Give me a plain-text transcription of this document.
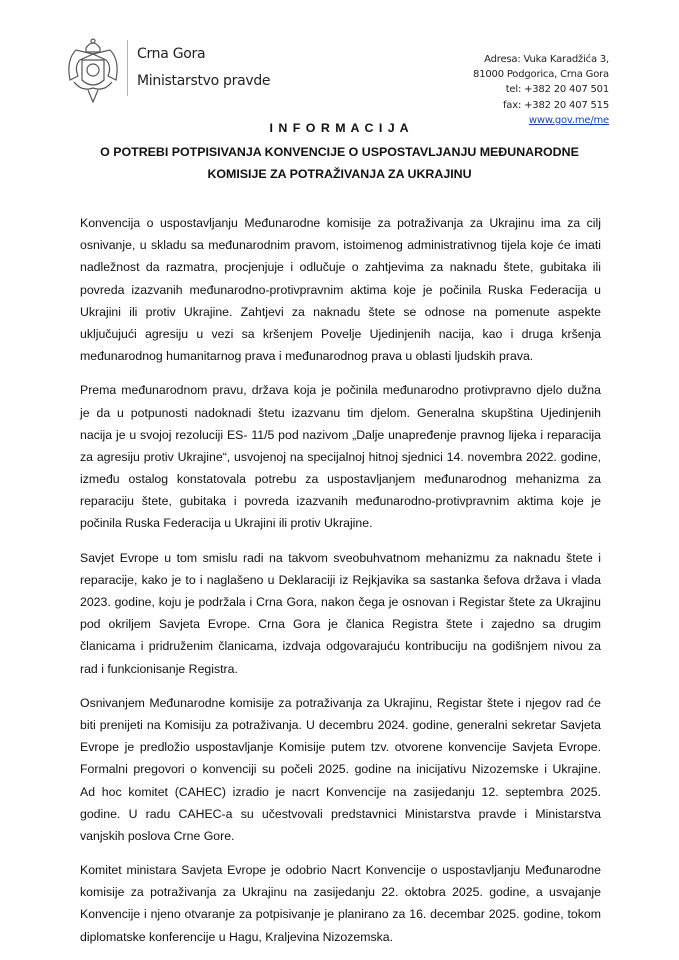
Crna Gora
Ministarstvo pravde
Adresa: Vuka Karadžića 3,
81000 Podgorica, Crna Gora
tel: +382 20 407 501
fax: +382 20 407 515
www.gov.me/me
I N F O R M A C I J A
O POTREBI POTPISIVANJA KONVENCIJE O USPOSTAVLJANJU MEĐUNARODNE
KOMISIJE ZA POTRAŽIVANJA ZA UKRAJINU
Konvencija o uspostavljanju Međunarodne komisije za potraživanja za Ukrajinu ima za cilj
osnivanje, u skladu sa međunarodnim pravom, istoimenog administrativnog tijela koje će imati
nadležnost da razmatra, procjenjuje i odlučuje o zahtjevima za naknadu štete, gubitaka ili
povreda izazvanih međunarodno-protivpravnim aktima koje je počinila Ruska Federacija u
Ukrajini ili protiv Ukrajine. Zahtjevi za naknadu štete se odnose na pomenute aspekte
uključujući agresiju u vezi sa kršenjem Povelje Ujedinjenih nacija, kao i druga kršenja
međunarodnog humanitarnog prava i međunarodnog prava u oblasti ljudskih prava.
Prema međunarodnom pravu, država koja je počinila međunarodno protivpravno djelo dužna
je da u potpunosti nadoknadi štetu izazvanu tim djelom. Generalna skupština Ujedinjenih
nacija je u svojoj rezoluciji ES- 11/5 pod nazivom „Dalje unapređenje pravnog lijeka i reparacija
za agresiju protiv Ukrajine“, usvojenoj na specijalnoj hitnoj sjednici 14. novembra 2022. godine,
između ostalog konstatovala potrebu za uspostavljanjem međunarodnog mehanizma za
reparaciju štete, gubitaka i povreda izazvanih međunarodno-protivpravnim aktima koje je
počinila Ruska Federacija u Ukrajini ili protiv Ukrajine.
Savjet Evrope u tom smislu radi na takvom sveobuhvatnom mehanizmu za naknadu štete i
reparacije, kako je to i naglašeno u Deklaraciji iz Rejkjavika sa sastanka šefova država i vlada
2023. godine, koju je podržala i Crna Gora, nakon čega je osnovan i Registar štete za Ukrajinu
pod okriljem Savjeta Evrope. Crna Gora je članica Registra štete i zajedno sa drugim
članicama i pridruženim članicama, izdvaja odgovarajuću kontribuciju na godišnjem nivou za
rad i funkcionisanje Registra.
Osnivanjem Međunarodne komisije za potraživanja za Ukrajinu, Registar štete i njegov rad će
biti prenijeti na Komisiju za potraživanja. U decembru 2024. godine, generalni sekretar Savjeta
Evrope je predložio uspostavljanje Komisije putem tzv. otvorene konvencije Savjeta Evrope.
Formalni pregovori o konvenciji su počeli 2025. godine na inicijativu Nizozemske i Ukrajine.
Ad hoc komitet (CAHEC) izradio je nacrt Konvencije na zasijedanju 12. septembra 2025.
godine. U radu CAHEC-a su učestvovali predstavnici Ministarstva pravde i Ministarstva
vanjskih poslova Crne Gore.
Komitet ministara Savjeta Evrope je odobrio Nacrt Konvencije o uspostavljanju Međunarodne
komisije za potraživanja za Ukrajinu na zasijedanju 22. oktobra 2025. godine, a usvajanje
Konvencije i njeno otvaranje za potpisivanje je planirano za 16. decembar 2025. godine, tokom
diplomatske konferencije u Hagu, Kraljevina Nizozemska.
